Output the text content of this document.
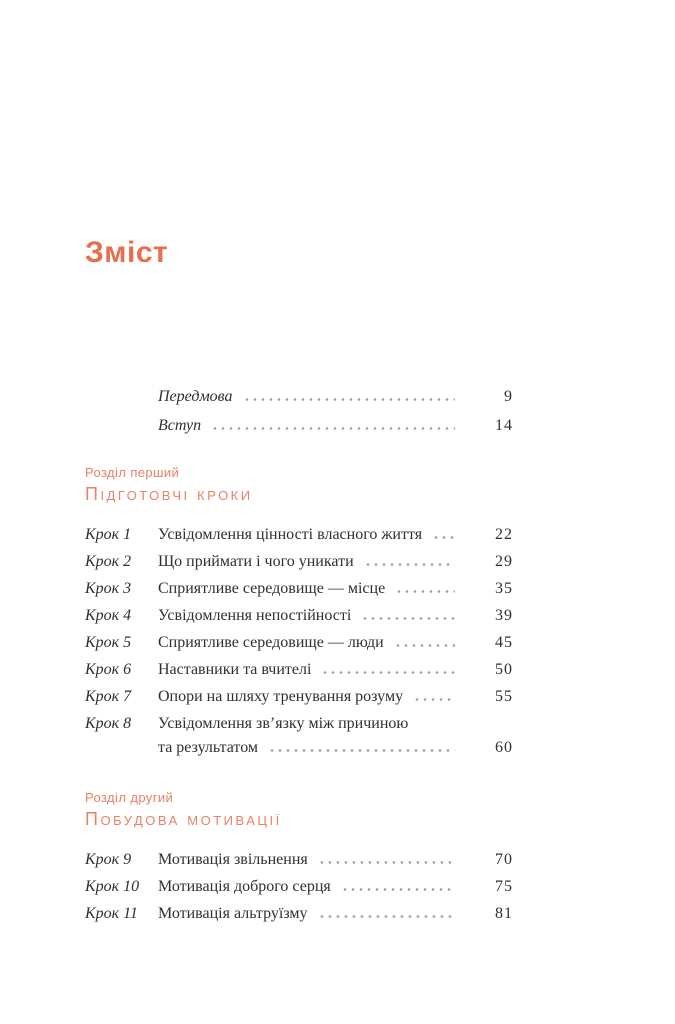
Зміст
Передмова	9
Вступ	14
Розділ перший
Підготовчі кроки
Крок 1	Усвідомлення цінності власного життя	22
Крок 2	Що приймати і чого уникати	29
Крок 3	Сприятливе середовище — місце	35
Крок 4	Усвідомлення непостійності	39
Крок 5	Сприятливе середовище — люди	45
Крок 6	Наставники та вчителі	50
Крок 7	Опори на шляху тренування розуму	55
Крок 8	Усвідомлення зв’язку між причиною
та результатом	60
Розділ другий
Побудова мотивації
Крок 9	Мотивація звільнення	70
Крок 10	Мотивація доброго серця	75
Крок 11	Мотивація альтруїзму	81
